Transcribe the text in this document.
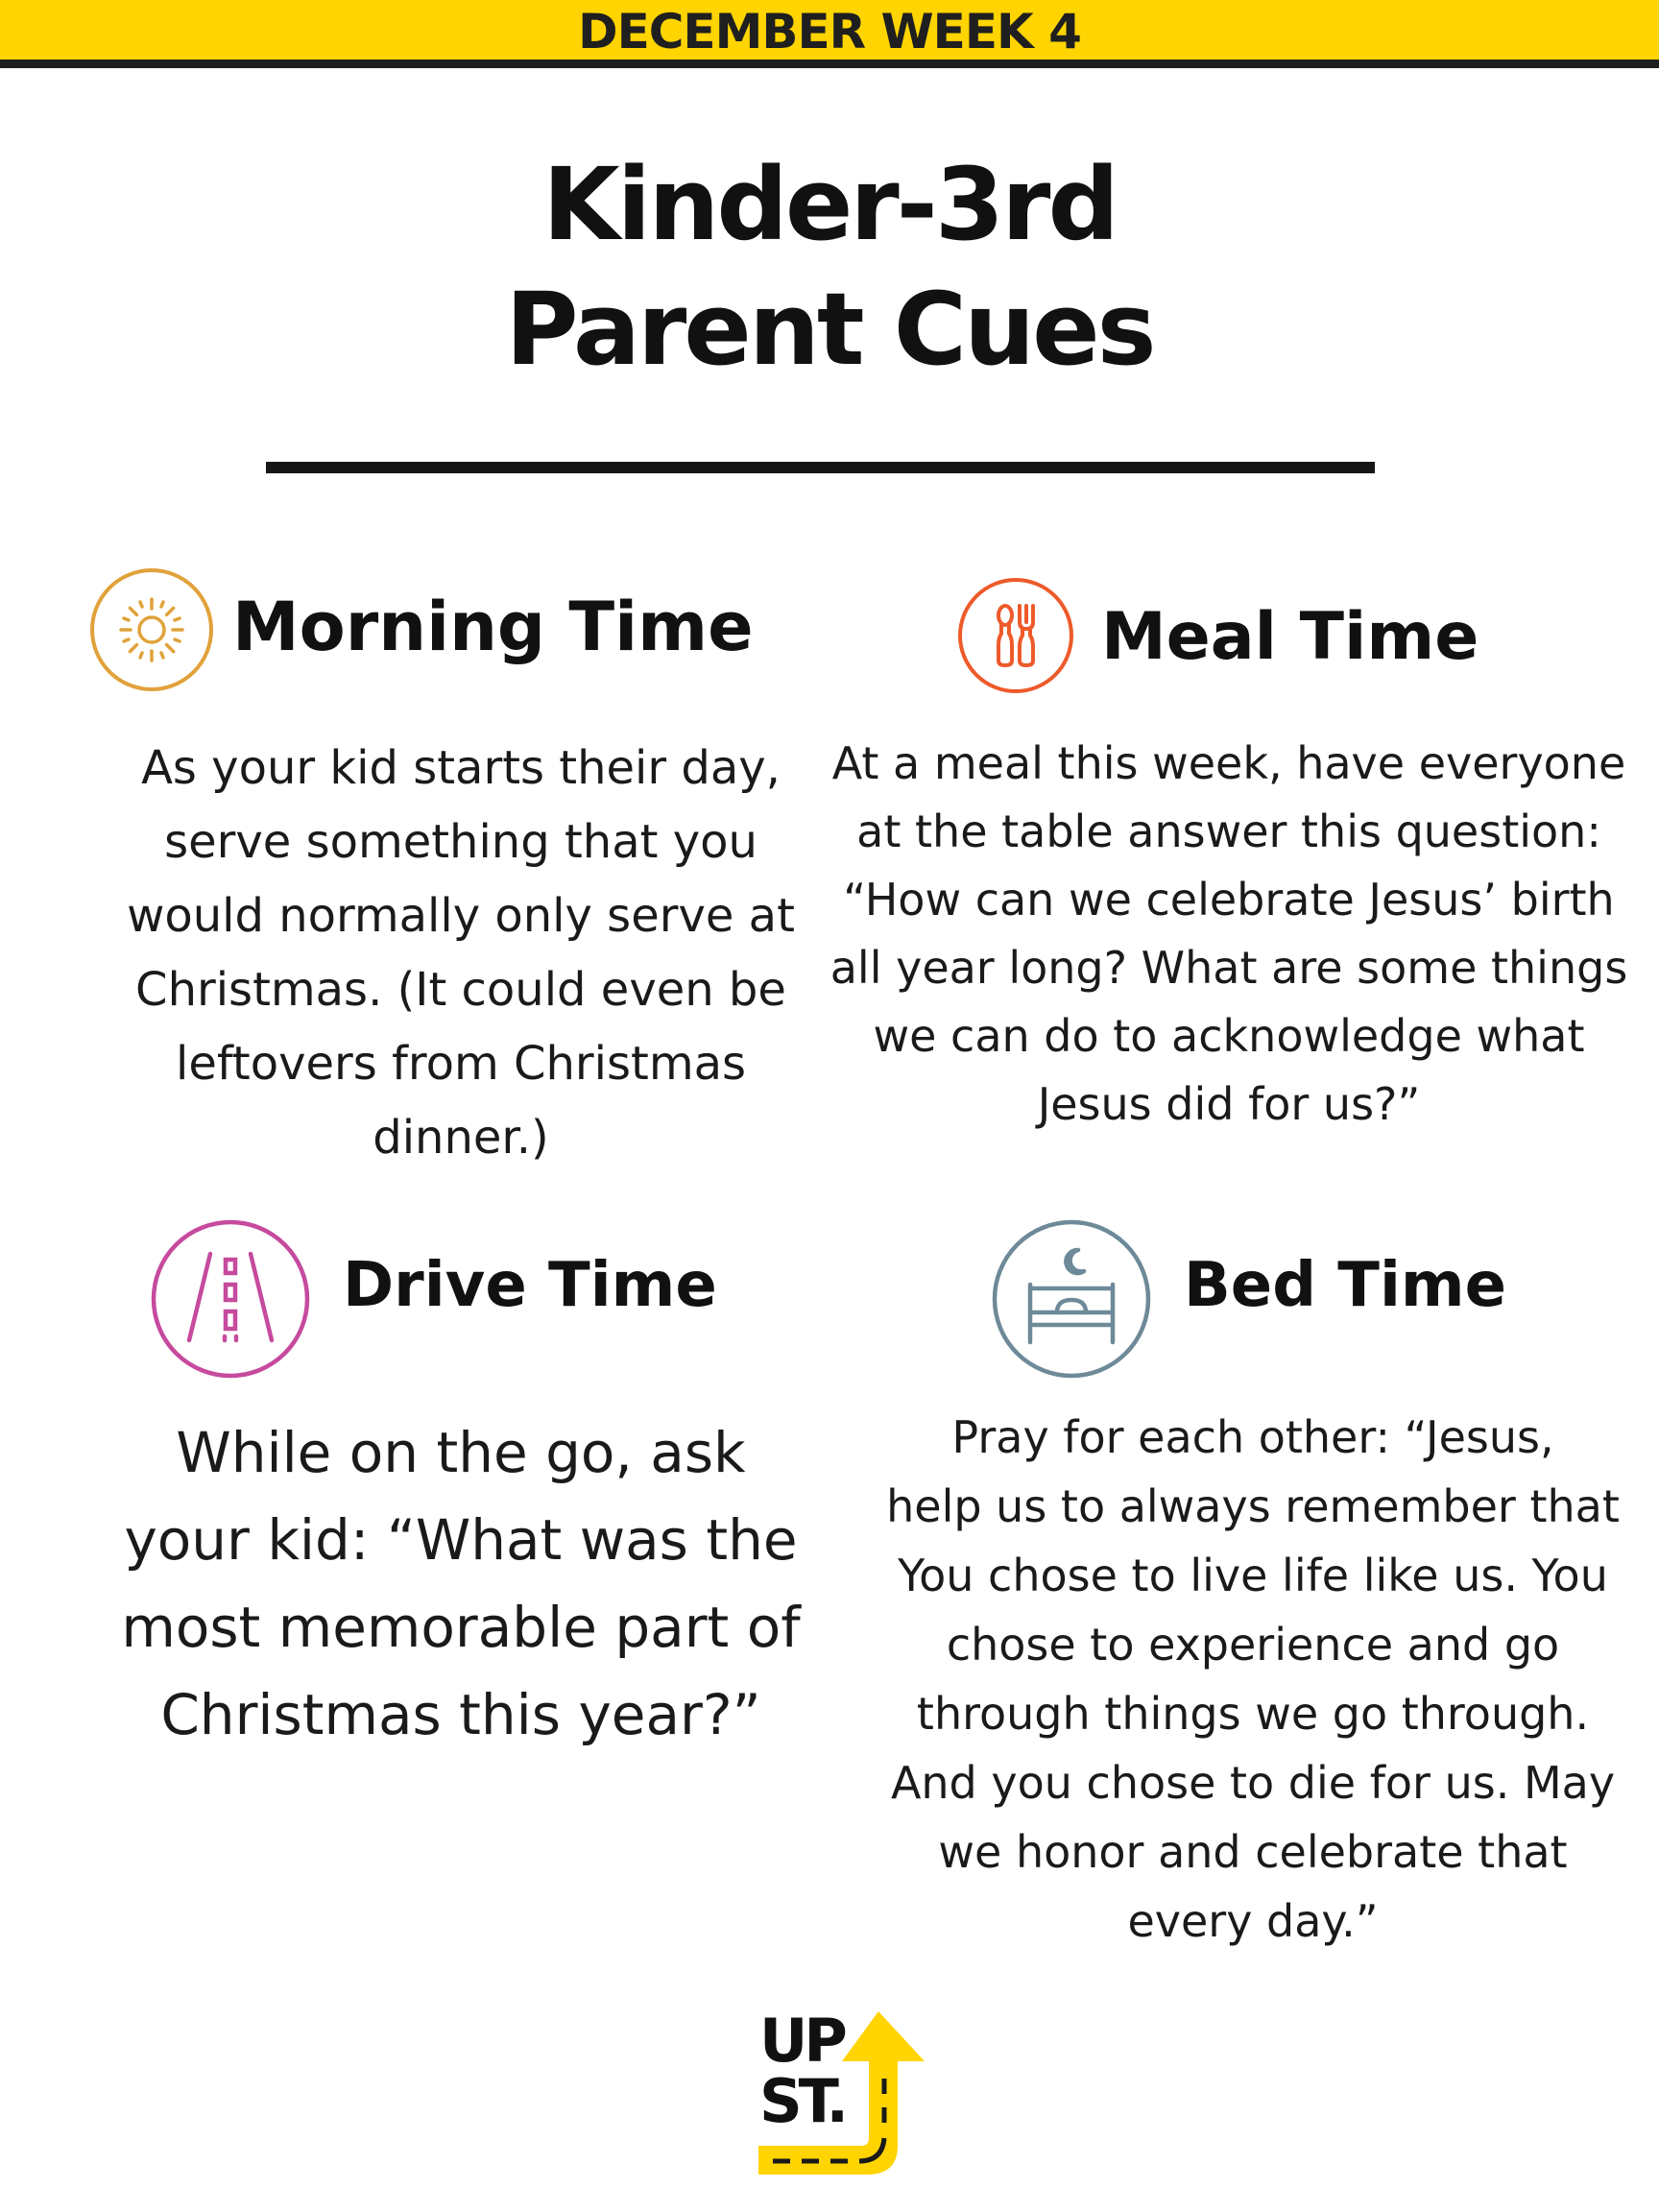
DECEMBER WEEK 4
Kinder-3rd
Parent Cues
Morning Time
As your kid starts their day,
serve something that you
would normally only serve at
Christmas. (It could even be
leftovers from Christmas
dinner.)
Meal Time
At a meal this week, have everyone
at the table answer this question:
“How can we celebrate Jesus’ birth
all year long? What are some things
we can do to acknowledge what
Jesus did for us?”
Drive Time
While on the go, ask
your kid: “What was the
most memorable part of
Christmas this year?”
Bed Time
Pray for each other: “Jesus,
help us to always remember that
You chose to live life like us. You
chose to experience and go
through things we go through.
And you chose to die for us. May
we honor and celebrate that
every day.”
UP
ST.
